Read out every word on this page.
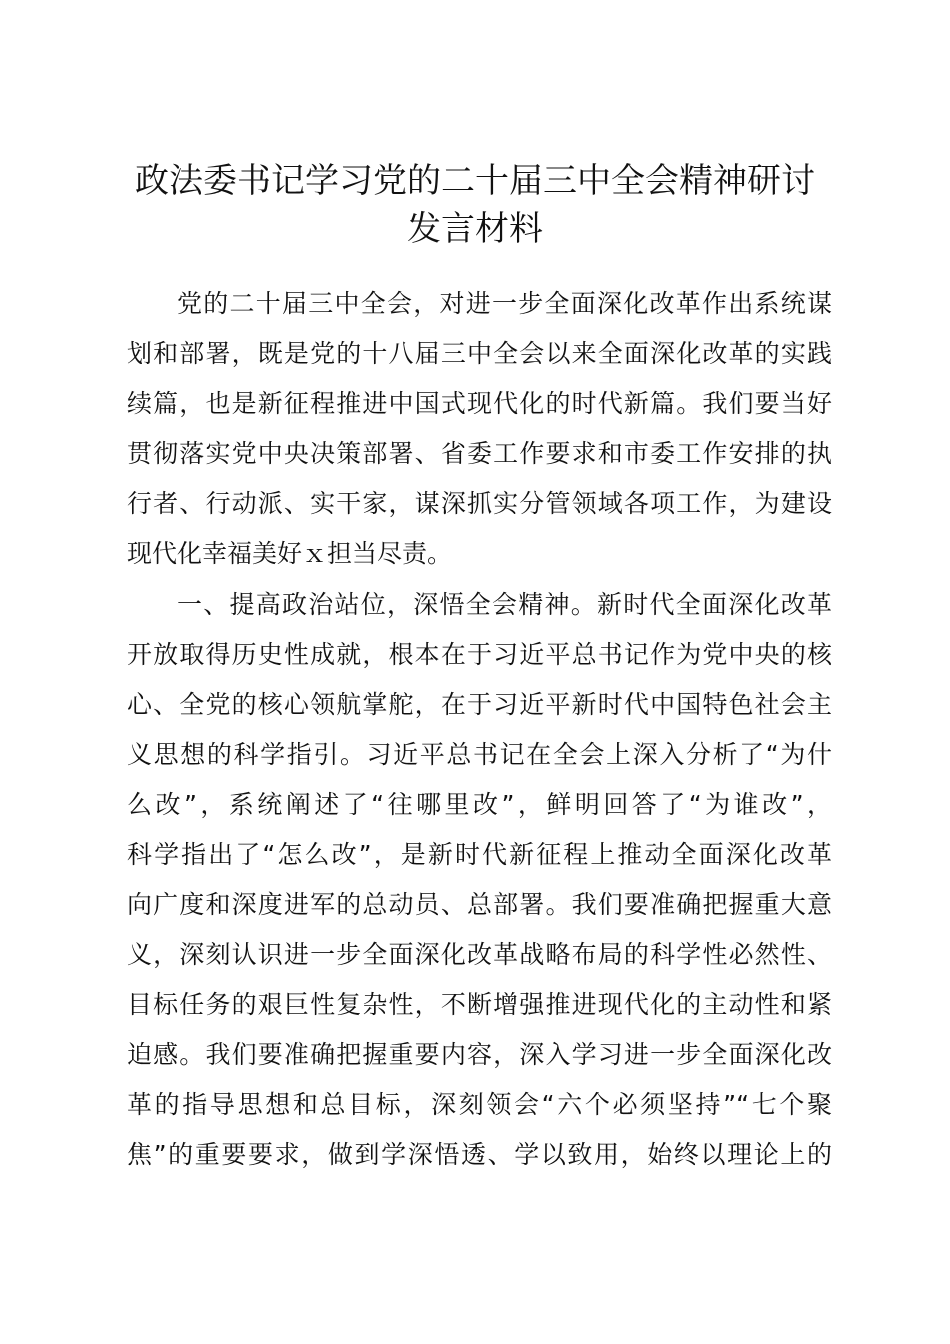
政法委书记学习党的二十届三中全会精神研讨
发言材料
党的二十届三中全会，对进一步全面深化改革作出系统谋
划和部署，既是党的十八届三中全会以来全面深化改革的实践
续篇，也是新征程推进中国式现代化的时代新篇。我们要当好
贯彻落实党中央决策部署、省委工作要求和市委工作安排的执
行者、行动派、实干家，谋深抓实分管领域各项工作，为建设
现代化幸福美好ｘ担当尽责。
一、提高政治站位，深悟全会精神。新时代全面深化改革
开放取得历史性成就，根本在于习近平总书记作为党中央的核
心、全党的核心领航掌舵，在于习近平新时代中国特色社会主
义思想的科学指引。习近平总书记在全会上深入分析了“为什
么改”，系统阐述了“往哪里改”，鲜明回答了“为谁改”，
科学指出了“怎么改”，是新时代新征程上推动全面深化改革
向广度和深度进军的总动员、总部署。我们要准确把握重大意
义，深刻认识进一步全面深化改革战略布局的科学性必然性、
目标任务的艰巨性复杂性，不断增强推进现代化的主动性和紧
迫感。我们要准确把握重要内容，深入学习进一步全面深化改
革的指导思想和总目标，深刻领会“六个必须坚持”“七个聚
焦”的重要要求，做到学深悟透、学以致用，始终以理论上的
